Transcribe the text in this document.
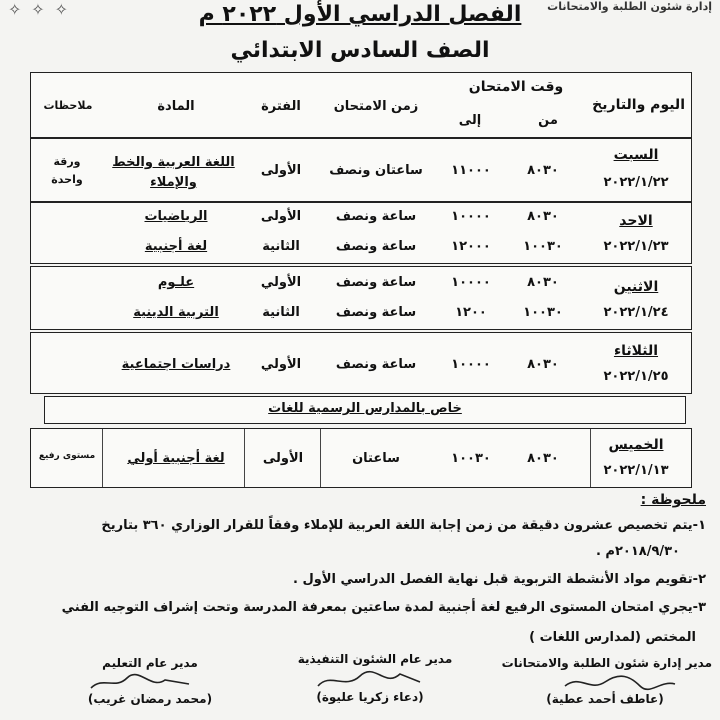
✧
✧
✧	إدارة شئون الطلبة والامتحانات
الفصل الدراسي الأول ٢٠٢٢ م
الصف السادس الابتدائي
اليوم والتاريخ
وقت الامتحان
من
إلى
زمن الامتحان
الفترة
المادة
ملاحظات
السبت
٢٠٢٢/١/٢٢
٨٠٣٠
١١٠٠٠
ساعتان ونصف
الأولى
اللغة العربية والخط والإملاء
ورقة واحدة
الاحد
٢٠٢٢/١/٢٣
٨٠٣٠
١٠٠٠٠
ساعة ونصف
الأولى
الرياضيات
١٠٠٣٠
١٢٠٠٠
ساعة ونصف
الثانية
لغة أجنبية
الاثنين
٢٠٢٢/١/٢٤
٨٠٣٠
١٠٠٠٠
ساعة ونصف
الأولي
علـوم
١٠٠٣٠
١٢٠٠
ساعة ونصف
الثانية
التربية الدينية
الثلاثاء
٢٠٢٢/١/٢٥
٨٠٣٠
١٠٠٠٠
ساعة ونصف
الأولي
دراسات اجتماعية
خاص بالمدارس الرسمية للغات
الخميس
٢٠٢٢/١/١٣
٨٠٣٠
١٠٠٣٠
ساعتان
الأولى
لغة أجنبية أولي
مستوى رفيع
ملحوظة :
١-يتم تخصيص عشرون دقيقة من زمن إجابة اللغة العربية للإملاء وفقاً للقرار الوزاري ٣٦٠ بتاريخ
٢٠١٨/٩/٣٠م .
٢-تقويم مواد الأنشطة التربوية قبل نهاية الفصل الدراسي الأول .
٣-يجري امتحان المستوى الرفيع لغة أجنبية لمدة ساعتين بمعرفة المدرسة وتحت إشراف التوجيه الفني
المختص (لمدارس اللغات )
مدير إدارة شئون الطلبة والامتحانات
مدير عام الشئون التنفيذية
مدير عام التعليم
(عاطف أحمد عطية)
(دعاء زكريا عليوة)
(محمد رمضان غريب)
